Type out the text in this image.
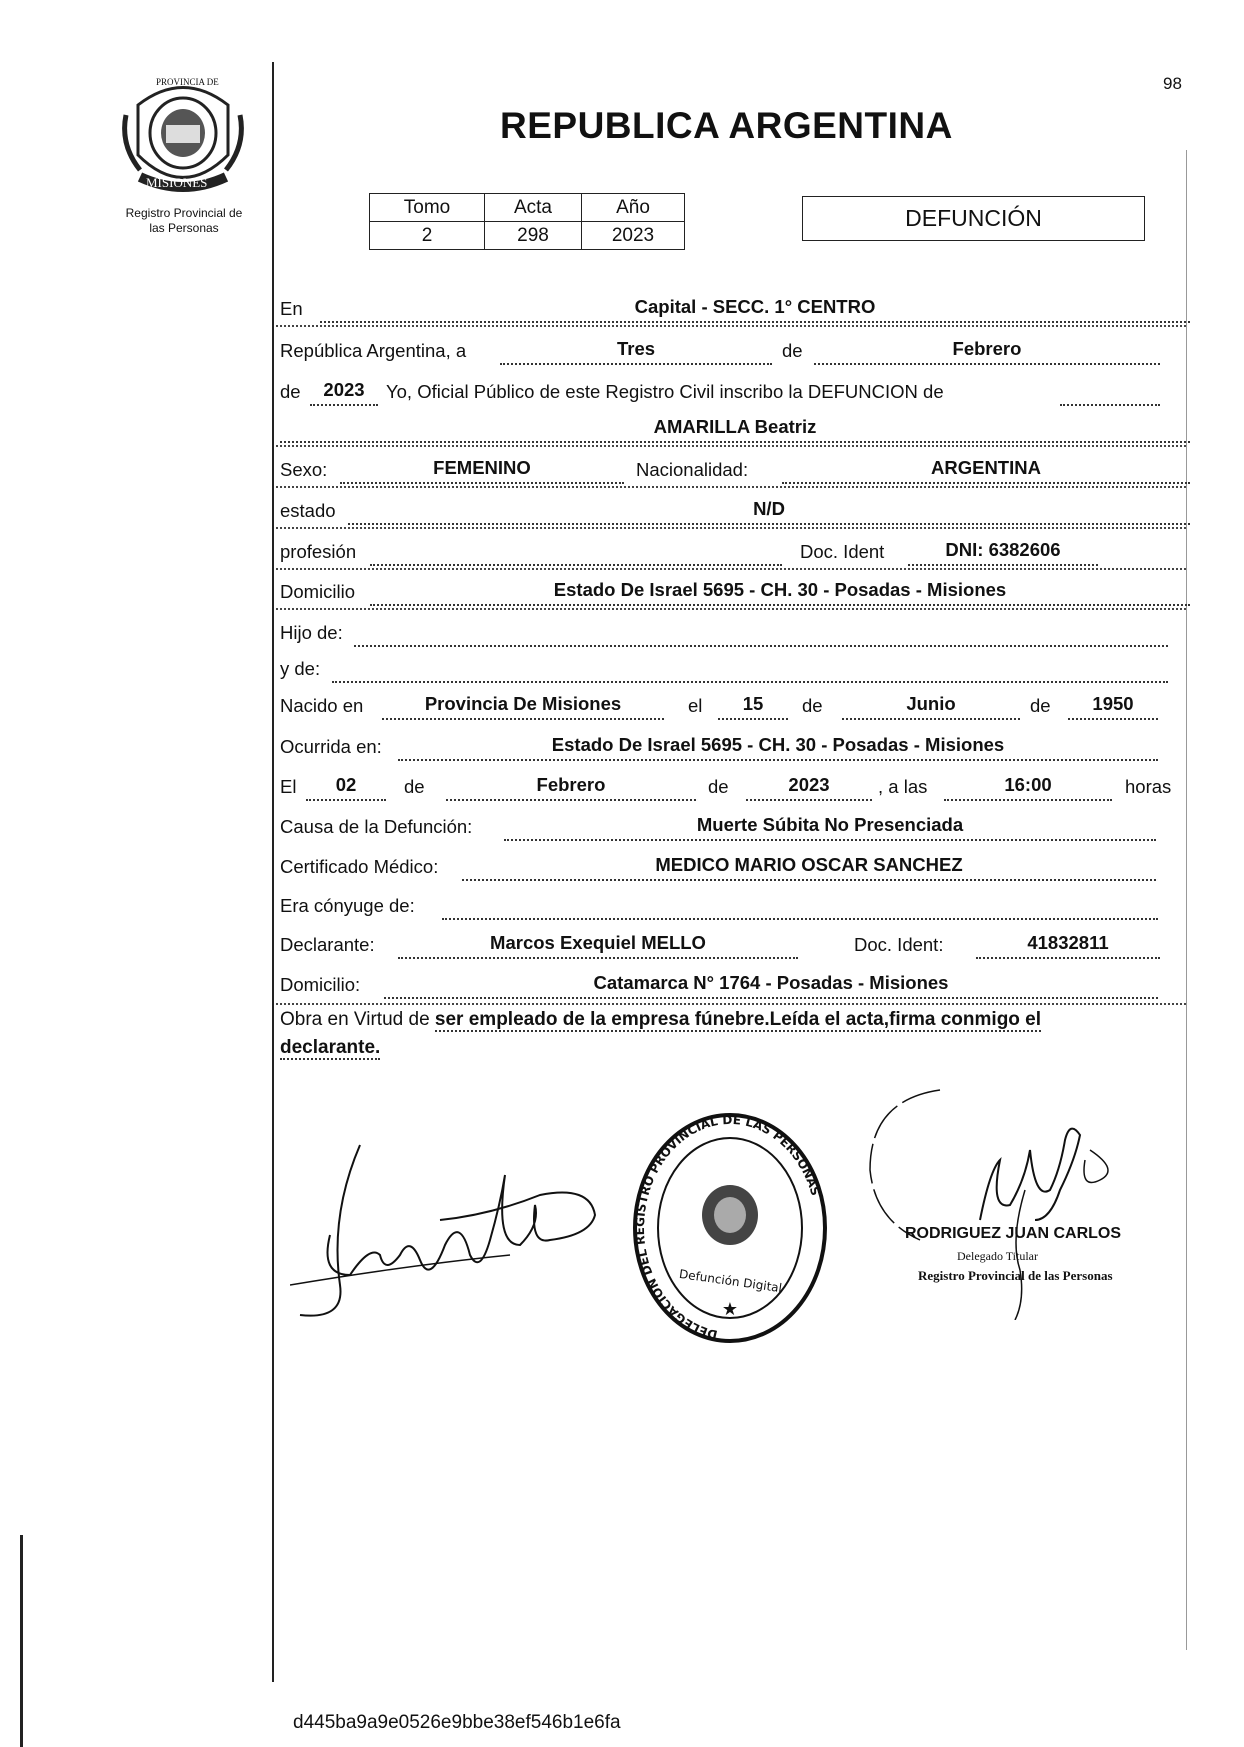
98
REPUBLICA ARGENTINA
PROVINCIA DE
MISIONES
Registro Provincial de
las Personas
Tomo	Acta	Año
2	298	2023
DEFUNCIÓN
En	Capital - SECC. 1° CENTRO
República Argentina, a	Tres	de	Febrero
de	2023	Yo, Oficial Público de este Registro Civil inscribo la DEFUNCION de
AMARILLA Beatriz
Sexo:	FEMENINO	Nacionalidad:	ARGENTINA
estado	N/D
profesión	Doc. Ident	DNI: 6382606
Domicilio	Estado De Israel 5695 - CH. 30 - Posadas - Misiones
Hijo de:
y de:
Nacido en	Provincia De Misiones	el	15	de	Junio	de	1950
Ocurrida en:	Estado De Israel 5695 - CH. 30 - Posadas - Misiones
El	02	de	Febrero	de	2023	, a las	16:00	horas
Causa de la Defunción:	Muerte Súbita No Presenciada
Certificado Médico:	MEDICO MARIO OSCAR SANCHEZ
Era cónyuge de:
Declarante:	Marcos Exequiel MELLO	Doc. Ident:	41832811
Domicilio:	Catamarca N° 1764 - Posadas - Misiones
Obra en Virtud de ser empleado de la empresa fúnebre.Leída el acta,firma conmigo el
declarante.
DELEGACION DEL REGISTRO PROVINCIAL DE LAS PERSONAS
Defunción Digital
★
RODRIGUEZ JUAN CARLOS
Delegado Titular
Registro Provincial de las Personas
d445ba9a9e0526e9bbe38ef546b1e6fa
